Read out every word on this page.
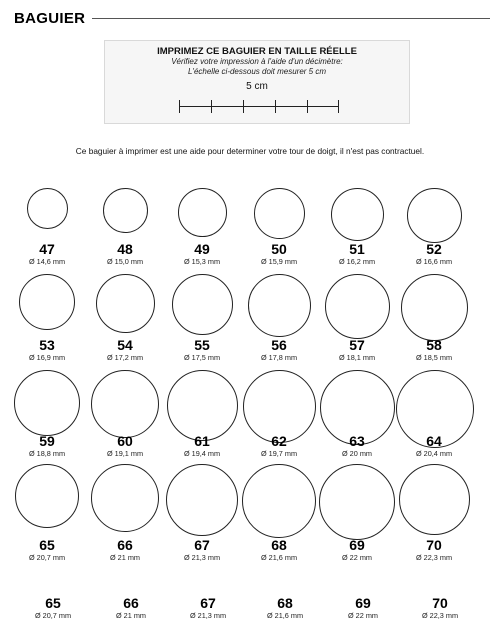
BAGUIER
IMPRIMEZ CE BAGUIER EN TAILLE RÉELLE
Vérifiez votre impression à l'aide d'un décimètre:
L'échelle ci-dessous doit mesurer 5 cm
5 cm
Ce baguier à imprimer est une aide pour determiner votre tour de doigt, il n'est pas contractuel.
47
Ø 14,6 mm
48
Ø 15,0 mm
49
Ø 15,3 mm
50
Ø 15,9 mm
51
Ø 16,2 mm
52
Ø 16,6 mm
53
Ø 16,9 mm
54
Ø 17,2 mm
55
Ø 17,5 mm
56
Ø 17,8 mm
57
Ø 18,1 mm
58
Ø 18,5 mm
59
Ø 18,8 mm
60
Ø 19,1 mm
61
Ø 19,4 mm
62
Ø 19,7 mm
63
Ø 20 mm
64
Ø 20,4 mm
65
Ø 20,7 mm
66
Ø 21 mm
67
Ø 21,3 mm
68
Ø 21,6 mm
69
Ø 22 mm
70
Ø 22,3 mm
65
Ø 20,7 mm
66
Ø 21 mm
67
Ø 21,3 mm
68
Ø 21,6 mm
69
Ø 22 mm
70
Ø 22,3 mm
